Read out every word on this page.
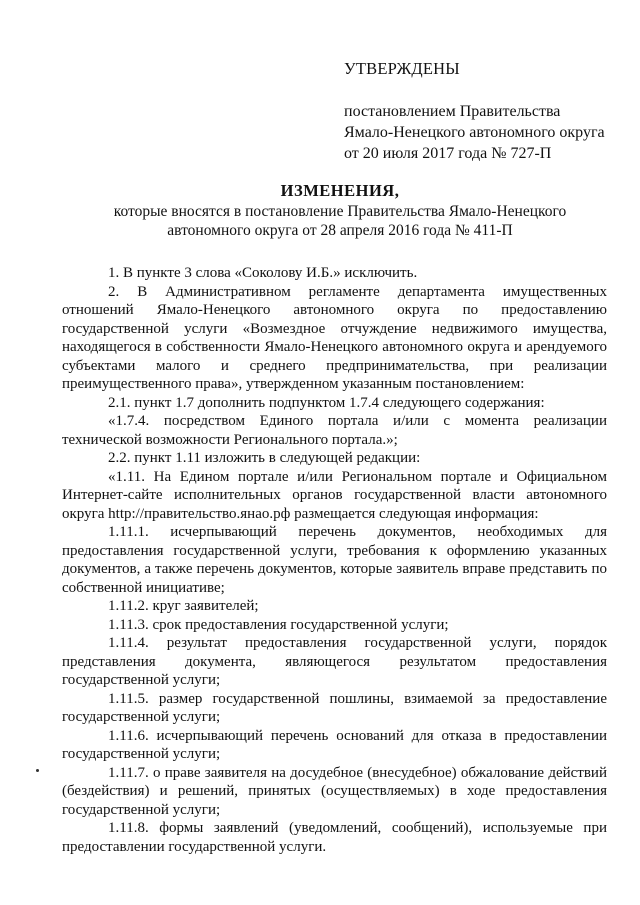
УТВЕРЖДЕНЫ
постановлением Правительства
Ямало-Ненецкого автономного округа
от 20 июля 2017 года № 727-П
ИЗМЕНЕНИЯ,
которые вносятся в постановление Правительства Ямало-Ненецкого
автономного округа от 28 апреля 2016 года № 411-П

1. В пункте 3 слова «Соколову И.Б.» исключить.

2. В Административном регламенте департамента имущественных отношений Ямало-Ненецкого автономного округа по предоставлению государственной услуги «Возмездное отчуждение недвижимого имущества, находящегося в собственности Ямало-Ненецкого автономного округа и арендуемого субъектами малого и среднего предпринимательства, при реализации преимущественного права», утвержденном указанным постановлением:

2.1. пункт 1.7 дополнить подпунктом 1.7.4 следующего содержания:

«1.7.4. посредством Единого портала и/или с момента реализации технической возможности Регионального портала.»;

2.2. пункт 1.11 изложить в следующей редакции:

«1.11. На Едином портале и/или Региональном портале и Официальном Интернет-сайте исполнительных органов государственной власти автономного округа http://правительство.янао.рф размещается следующая информация:

1.11.1. исчерпывающий перечень документов, необходимых для предоставления государственной услуги, требования к оформлению указанных документов, а также перечень документов, которые заявитель вправе представить по собственной инициативе;

1.11.2. круг заявителей;

1.11.3. срок предоставления государственной услуги;

1.11.4. результат предоставления государственной услуги, порядок представления документа, являющегося результатом предоставления государственной услуги;

1.11.5. размер государственной пошлины, взимаемой за предоставление государственной услуги;

1.11.6. исчерпывающий перечень оснований для отказа в предоставлении государственной услуги;

1.11.7. о праве заявителя на досудебное (внесудебное) обжалование действий (бездействия) и решений, принятых (осуществляемых) в ходе предоставления государственной услуги;

1.11.8. формы заявлений (уведомлений, сообщений), используемые при предоставлении государственной услуги.
